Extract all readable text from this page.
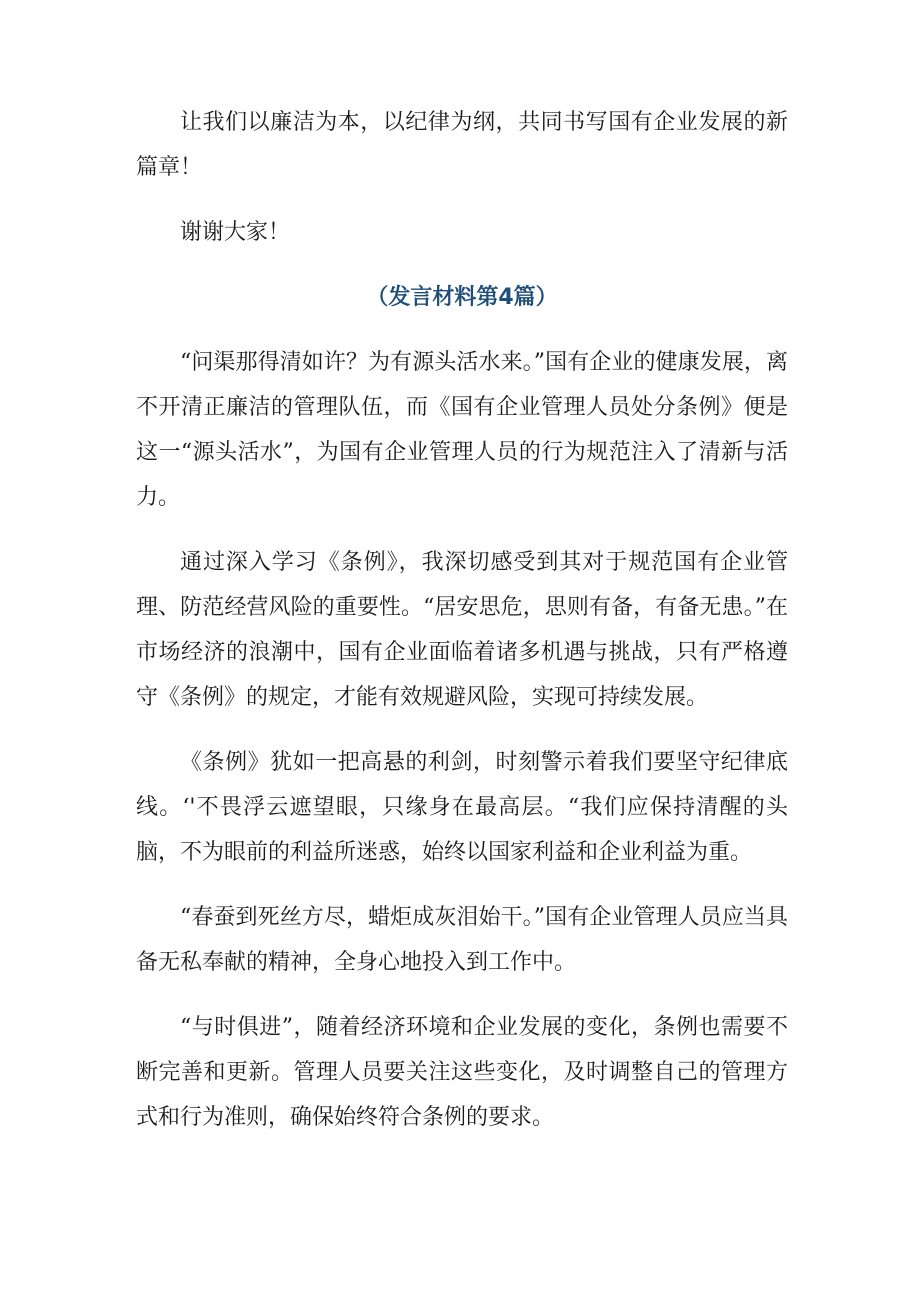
让我们以廉洁为本，以纪律为纲，共同书写国有企业发展的新篇章！

谢谢大家！

（发言材料第4篇）

“问渠那得清如许？为有源头活水来。”国有企业的健康发展，离不开清正廉洁的管理队伍，而《国有企业管理人员处分条例》便是这一“源头活水”，为国有企业管理人员的行为规范注入了清新与活力。

通过深入学习《条例》，我深切感受到其对于规范国有企业管理、防范经营风险的重要性。“居安思危，思则有备，有备无患。”在市场经济的浪潮中，国有企业面临着诸多机遇与挑战，只有严格遵守《条例》的规定，才能有效规避风险，实现可持续发展。

《条例》犹如一把高悬的利剑，时刻警示着我们要坚守纪律底线。‘'不畏浮云遮望眼，只缘身在最高层。“我们应保持清醒的头脑，不为眼前的利益所迷惑，始终以国家利益和企业利益为重。

“春蚕到死丝方尽，蜡炬成灰泪始干。”国有企业管理人员应当具备无私奉献的精神，全身心地投入到工作中。

“与时俱进”，随着经济环境和企业发展的变化，条例也需要不断完善和更新。管理人员要关注这些变化，及时调整自己的管理方式和行为准则，确保始终符合条例的要求。
